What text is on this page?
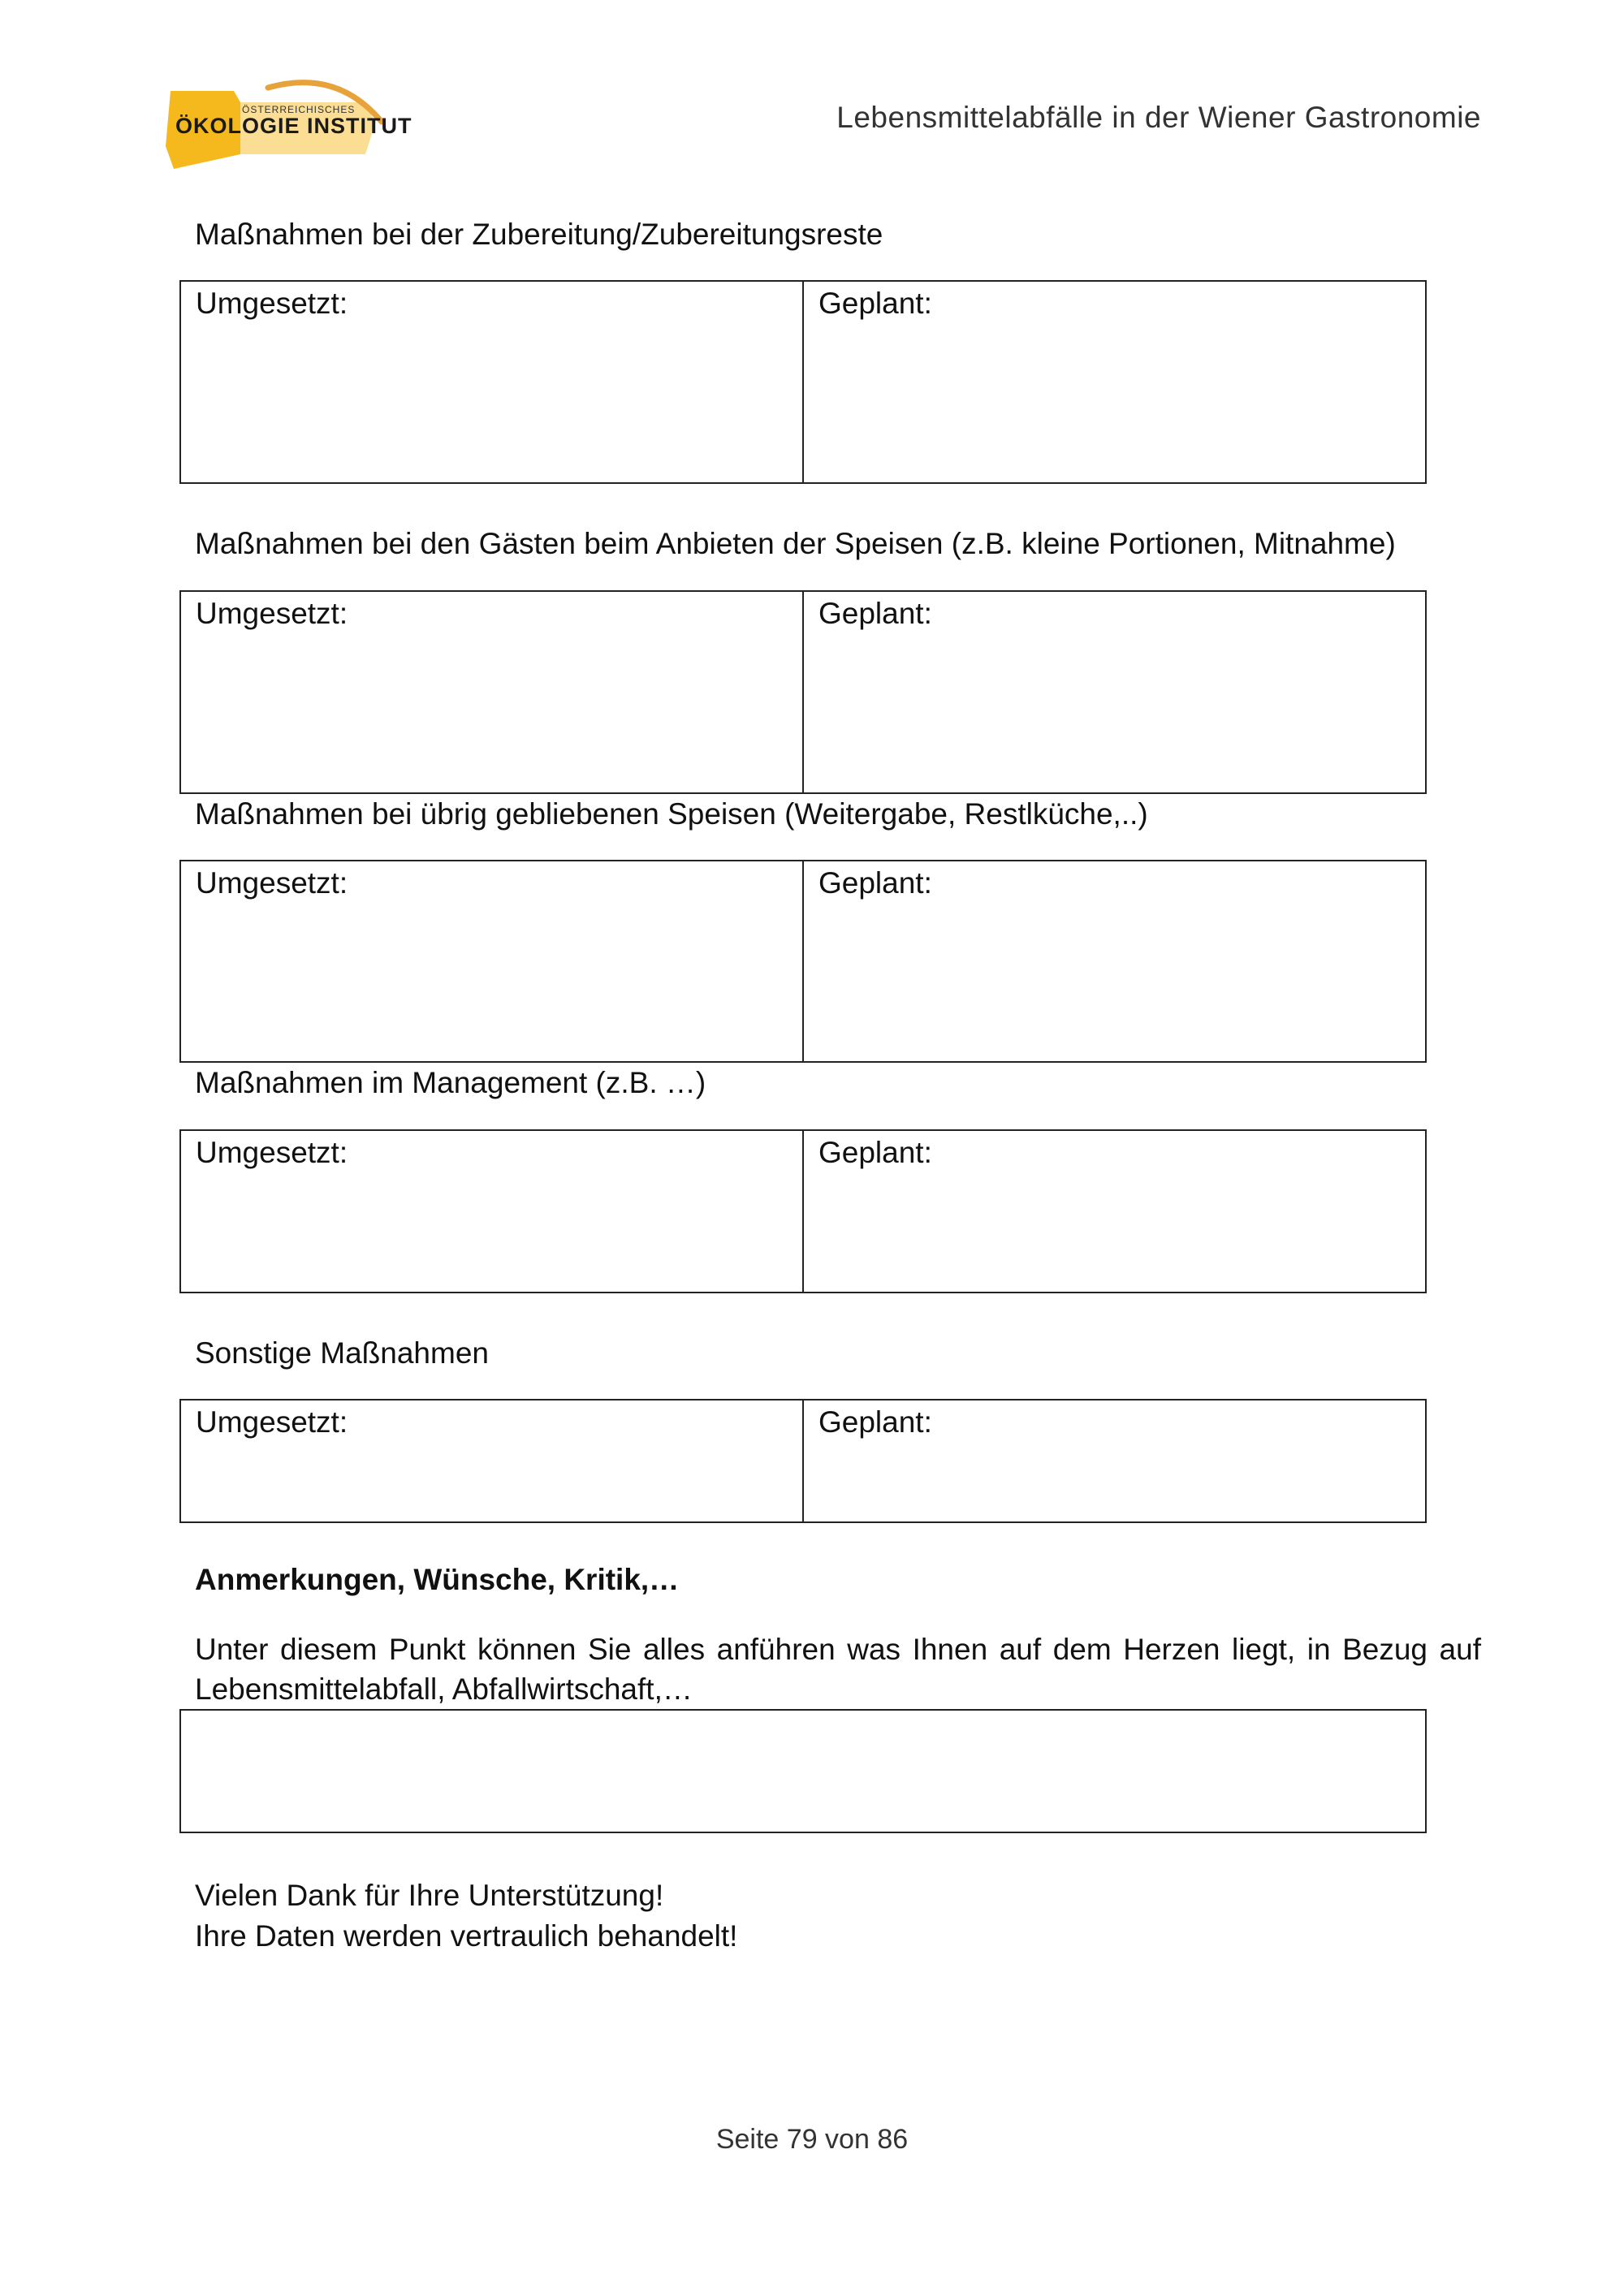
ÖSTERREICHISCHES
ÖKOLOGIE INSTITUT	Lebensmittelabfälle in der Wiener Gastronomie
Maßnahmen bei der Zubereitung/Zubereitungsreste
Umgesetzt:	Geplant:
Maßnahmen bei den Gästen beim Anbieten der Speisen (z.B. kleine Portionen, Mitnahme)
Umgesetzt:	Geplant:
Maßnahmen bei übrig gebliebenen Speisen (Weitergabe, Restlküche,..)
Umgesetzt:	Geplant:
Maßnahmen im Management (z.B. …)
Umgesetzt:	Geplant:
Sonstige Maßnahmen
Umgesetzt:	Geplant:
Anmerkungen, Wünsche, Kritik,…
Unter diesem Punkt können Sie alles anführen was Ihnen auf dem Herzen liegt, in Bezug auf Lebensmittelabfall, Abfallwirtschaft,…
Vielen Dank für Ihre Unterstützung!
Ihre Daten werden vertraulich behandelt!
Seite 79 von 86
